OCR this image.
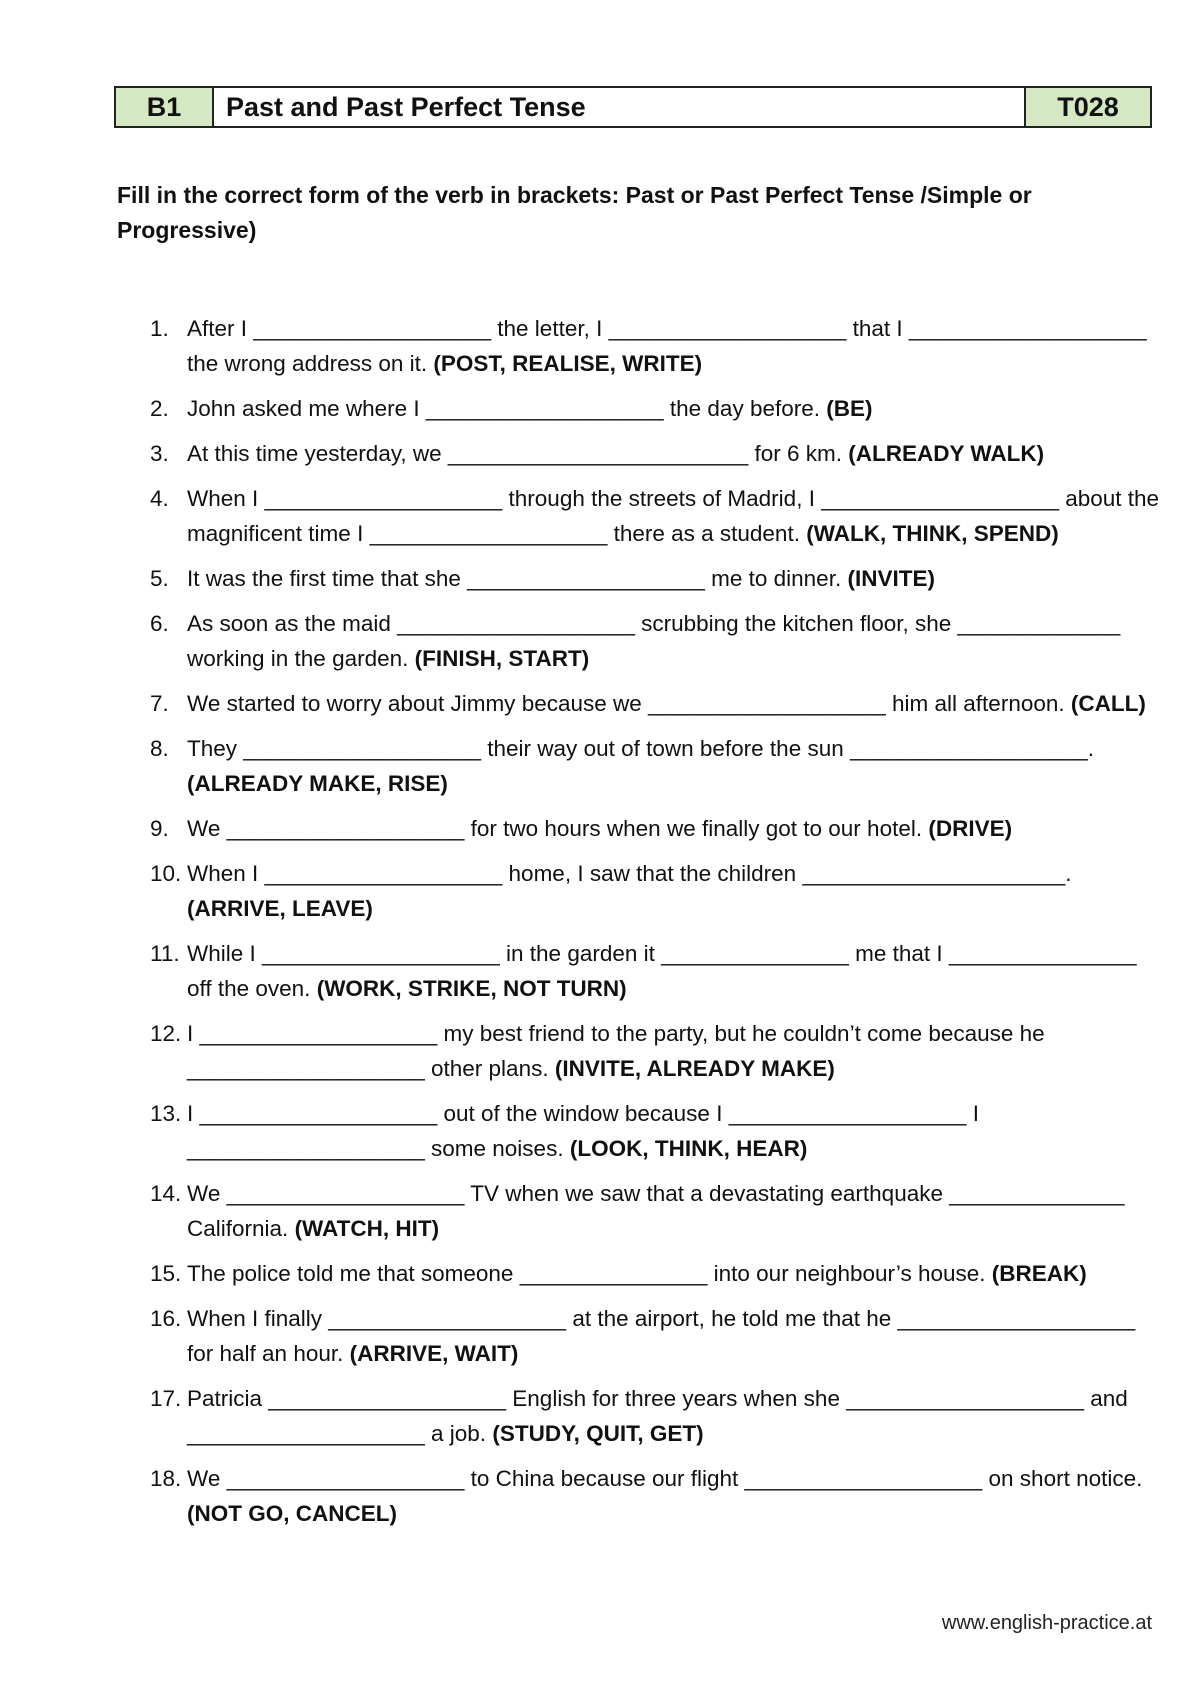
B1	Past and Past Perfect Tense	T028
Fill in the correct form of the verb in brackets: Past or Past Perfect Tense /Simple or Progressive)
1. After I ___________________ the letter, I ___________________ that I ___________________ the wrong address on it. (POST, REALISE, WRITE)
2. John asked me where I ___________________ the day before. (BE)
3. At this time yesterday, we ________________________ for 6 km. (ALREADY WALK)
4. When I ___________________ through the streets of Madrid, I ___________________ about the magnificent time I ___________________ there as a student. (WALK, THINK, SPEND)
5. It was the first time that she ___________________ me to dinner. (INVITE)
6. As soon as the maid ___________________ scrubbing the kitchen floor, she _____________ working in the garden. (FINISH, START)
7. We started to worry about Jimmy because we ___________________ him all afternoon. (CALL)
8. They ___________________ their way out of town before the sun ___________________. (ALREADY MAKE, RISE)
9. We ___________________ for two hours when we finally got to our hotel. (DRIVE)
10. When I ___________________ home, I saw that the children _____________________. (ARRIVE, LEAVE)
11. While I ___________________ in the garden it _______________ me that I _______________ off the oven. (WORK, STRIKE, NOT TURN)
12. I ___________________ my best friend to the party, but he couldn’t come because he ___________________ other plans. (INVITE, ALREADY MAKE)
13. I ___________________ out of the window because I ___________________ I ___________________ some noises. (LOOK, THINK, HEAR)
14. We ___________________ TV when we saw that a devastating earthquake ______________ California. (WATCH, HIT)
15. The police told me that someone _______________ into our neighbour’s house. (BREAK)
16. When I finally ___________________ at the airport, he told me that he ___________________ for half an hour. (ARRIVE, WAIT)
17. Patricia ___________________ English for three years when she ___________________ and ___________________ a job. (STUDY, QUIT, GET)
18. We ___________________ to China because our flight ___________________ on short notice. (NOT GO, CANCEL)
www.english-practice.at
